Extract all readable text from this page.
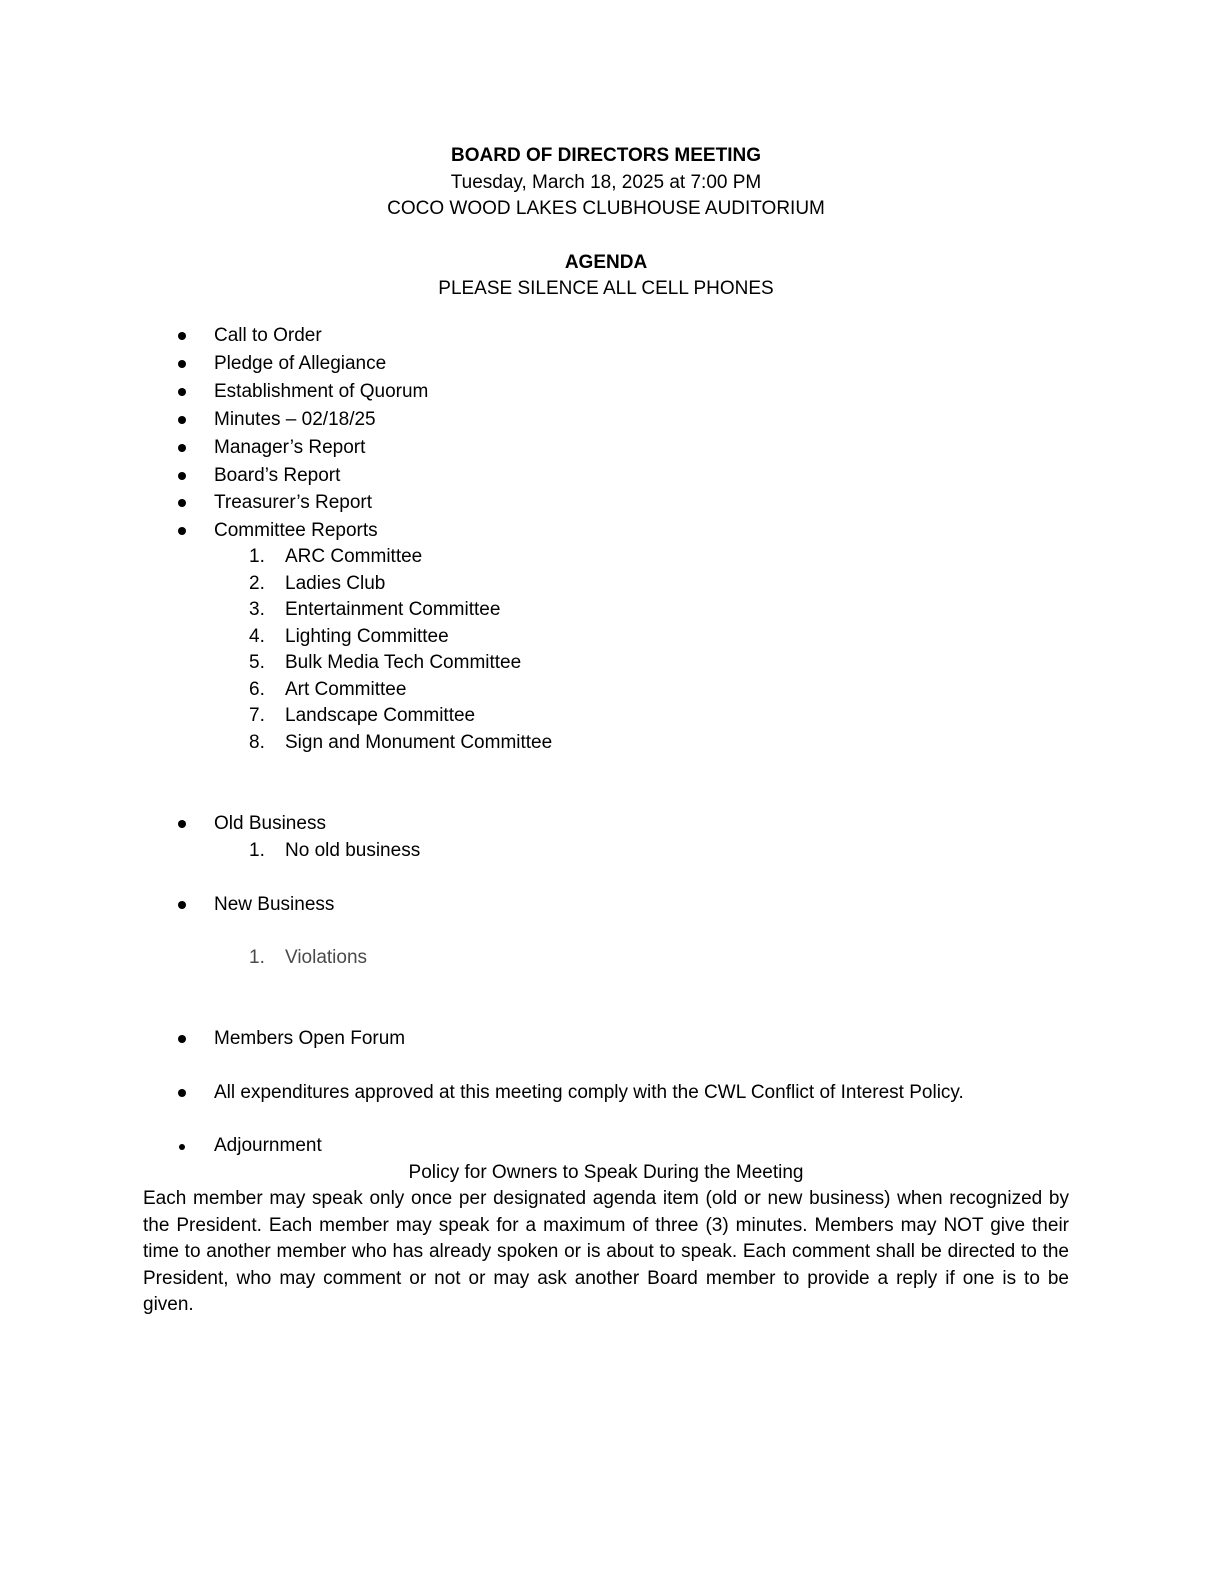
BOARD OF DIRECTORS MEETING
Tuesday, March 18, 2025 at 7:00 PM
COCO WOOD LAKES CLUBHOUSE AUDITORIUM
AGENDA
PLEASE SILENCE ALL CELL PHONES
Call to Order
Pledge of Allegiance
Establishment of Quorum
Minutes – 02/18/25
Manager’s Report
Board’s Report
Treasurer’s Report
Committee Reports
1. ARC Committee
2. Ladies Club
3. Entertainment Committee
4. Lighting Committee
5. Bulk Media Tech Committee
6. Art Committee
7. Landscape Committee
8. Sign and Monument Committee
Old Business
1. No old business
New Business
1. Violations
Members Open Forum
All expenditures approved at this meeting comply with the CWL Conflict of Interest Policy.
Adjournment
Policy for Owners to Speak During the Meeting
Each member may speak only once per designated agenda item (old or new business) when recognized by the President. Each member may speak for a maximum of three (3) minutes. Members may NOT give their time to another member who has already spoken or is about to speak. Each comment shall be directed to the President, who may comment or not or may ask another Board member to provide a reply if one is to be given.
